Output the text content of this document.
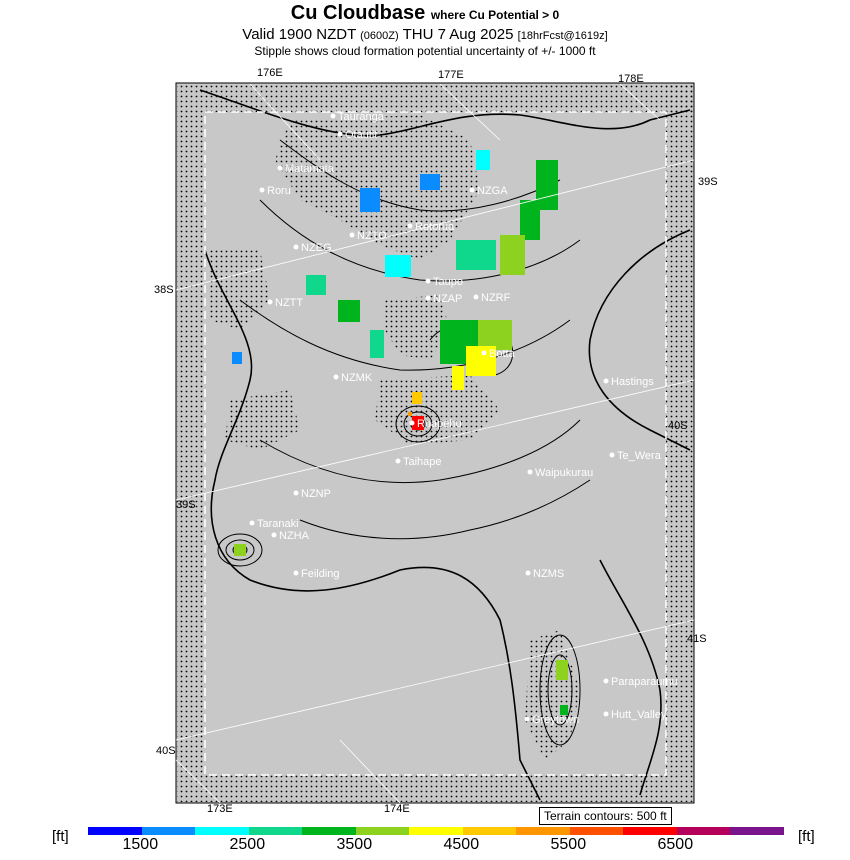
Cu Cloudbase where Cu Potential > 0
Valid 1900 NZDT (0600Z) THU 7 Aug 2025 [18hrFcst@1619z]
Stipple shows cloud formation potential uncertainty of +/- 1000 ft
176E	177E	178E
173E	174E
39S
38S
40S
39S
41S
40S
Tauranga
Otautit
Matamata
Roru	NZGA
Rotorua
NZTO
NZEG
Taupo
NZAP NZRF
NZTT
Botta
NZMK	Hastings
Ruapehu
Taihape
Waipukurau
Te_Wera
NZNP
Taranaki
NZHA
Feilding	NZMS
Paraparaumu
Greytown	Hutt_Valley
Terrain contours: 500 ft
[ft]	1500	2500	3500	4500	5500	6500	[ft]
